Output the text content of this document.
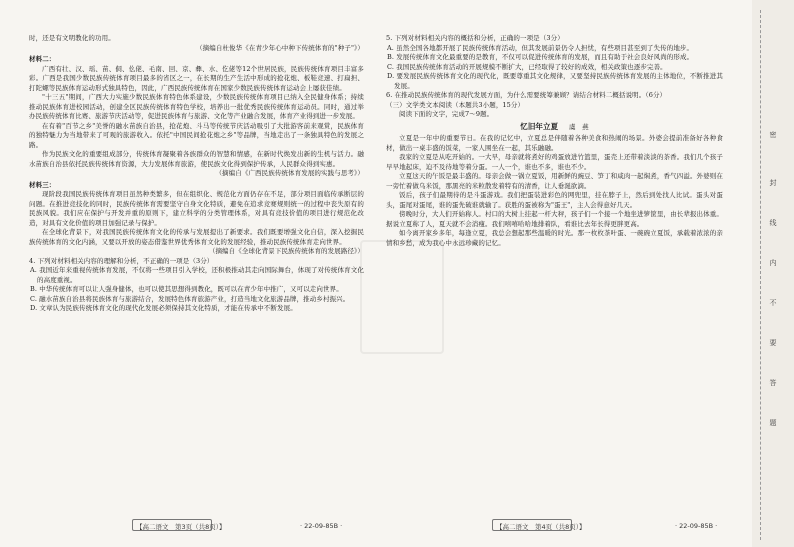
时，还是有文明教化的功用。

（摘编自杜俊华《在青少年心中种下传统体育的"种子"》）

材料二：

广西有壮、汉、瑶、苗、侗、仫佬、毛南、回、京、彝、水、仡佬等12个世居民族，民族传统体育项目丰富多彩。广西是我国少数民族传统体育项目最多的省区之一，在长期的生产生活中形成的抢花炮、板鞋竞速、打扁担、打陀螺等民族体育运动形式独具特色，因此，广西民族传统体育在国家少数民族传统体育运动会上屡获佳绩。

"十三五"期间，广西大力实施少数民族体育特色体系建设，少数民族传统体育项目已纳入全民健身体系；持续推动民族体育进校园活动，创建全区民族传统体育特色学校，培养出一批优秀民族传统体育运动员。同时，通过举办民族传统体育比赛、旅游节庆活动等，促进民族体育与旅游、文化等产业融合发展，体育产业得到进一步发展。

在有着"百节之乡"美誉的融水苗族自治县，抢花炮、斗马等传统节庆活动吸引了大批游客前来观赏，民族体育的独特魅力为当地带来了可观的旅游收入。依托"中国民间抢花炮之乡"等品牌，当地走出了一条独具特色的发展之路。

作为民族文化的重要组成部分，传统体育凝聚着各族群众的智慧和情感，在新时代焕发出新的生机与活力。融水苗族自治县依托民族传统体育资源，大力发展体育旅游，使民族文化得到保护传承，人民群众得到实惠。

（摘编自《广西民族传统体育发展的实践与思考》）

材料三：

现阶段我国民族传统体育项目虽然种类繁多，但在组织化、规范化方面仍存在不足，部分项目面临传承断层的问题。在推进竞技化的同时，民族传统体育需要坚守自身文化特质，避免在追求竞赛规则统一的过程中丧失原有的民族风貌。我们应在保护与开发并重的原则下，建立科学的分类管理体系，对具有竞技价值的项目进行规范化改造，对具有文化价值的项目加强记录与保护。

在全球化背景下，对我国民族传统体育文化的传承与发展提出了新要求。我们既要增强文化自信，深入挖掘民族传统体育的文化内涵，又要以开放的姿态借鉴世界优秀体育文化的发展经验，推动民族传统体育走向世界。

（摘编自《全球化背景下民族传统体育的发展路径》）

4. 下列对材料相关内容的理解和分析，不正确的一项是（3分）

A. 我国近年来重视传统体育发展，不仅将一些项目引入学校，还积极推动其走向国际舞台，体现了对传统体育文化的高度重视。

B. 中华传统体育可以让人强身健体，也可以使其思想得到教化，既可以在青少年中推广，又可以走向世界。

C. 融水苗族自治县将民族体育与旅游结合，发展特色体育旅游产业，打造当地文化旅游品牌，推动乡村振兴。

D. 文章认为民族传统体育文化的现代化发展必须保持其文化特质，才能在传承中不断发展。

5. 下列对材料相关内容的概括和分析，正确的一项是（3分）

A. 虽然全国各地都开展了民族传统体育活动，但其发展前景仍令人担忧，有些项目甚至到了失传的地步。

B. 发展传统体育文化最重要的是教育，不仅可以促进传统体育的发展，而且有助于社会良好风尚的形成。

C. 我国民族传统体育活动的开展规模不断扩大，已经取得了较好的成效，相关政策也逐步完善。

D. 要发展民族传统体育文化的现代化，既要尊重其文化规律，又要坚持民族传统体育发展的主体地位，不断推进其发展。

6. 在推动民族传统体育的现代发展方面，为什么需要统筹兼顾？请结合材料二概括说明。（6分）

（三）文学类文本阅读（本题共3小题，15分）

阅读下面的文字，完成7～9题。

忆旧年立夏 虞　燕

立夏是一年中的重要节日。在我的记忆中，立夏总是伴随着各种美食和热闹的场景。外婆会提前准备好各种食材，做出一桌丰盛的饭菜，一家人围坐在一起，其乐融融。

我家的立夏是从吃开始的。一大早，母亲就将煮好的鸡蛋放进竹篮里，蛋壳上还带着淡淡的茶香。我们几个孩子早早地起床，迫不及待地等着分蛋。一人一个，谁也不多，谁也不少。

立夏这天的午饭是最丰盛的。母亲会做一锅立夏饭，用新鲜的豌豆、笋丁和咸肉一起焖煮，香气四溢。外婆则在一旁忙着做乌米饭，那黑亮的米粒散发着特有的清香，让人垂涎欲滴。

饭后，孩子们最期待的是斗蛋游戏。我们把蛋装进彩色的网兜里，挂在脖子上，然后到处找人比试。蛋头对蛋头，蛋尾对蛋尾，谁的蛋先破谁就输了。获胜的蛋被称为"蛋王"，主人会得意好几天。

傍晚时分，大人们开始称人。村口的大树上挂起一杆大秤，孩子们一个接一个地坐进箩筐里，由长辈报出体重。据说立夏称了人，夏天就不会消瘦。我们嘻嘻哈哈地排着队，看谁比去年长得更胖更高。

如今离开家乡多年，每逢立夏，我总会想起那些温暖的时光。那一枚枚茶叶蛋、一碗碗立夏饭，承载着浓浓的亲情和乡愁，成为我心中永远珍藏的记忆。

【高二语文　第3页（共8页）】	· 22-09-85B ·	【高二语文　第4页（共8页）】	· 22-09-85B ·
密
封
线
内
不
要
答
题
